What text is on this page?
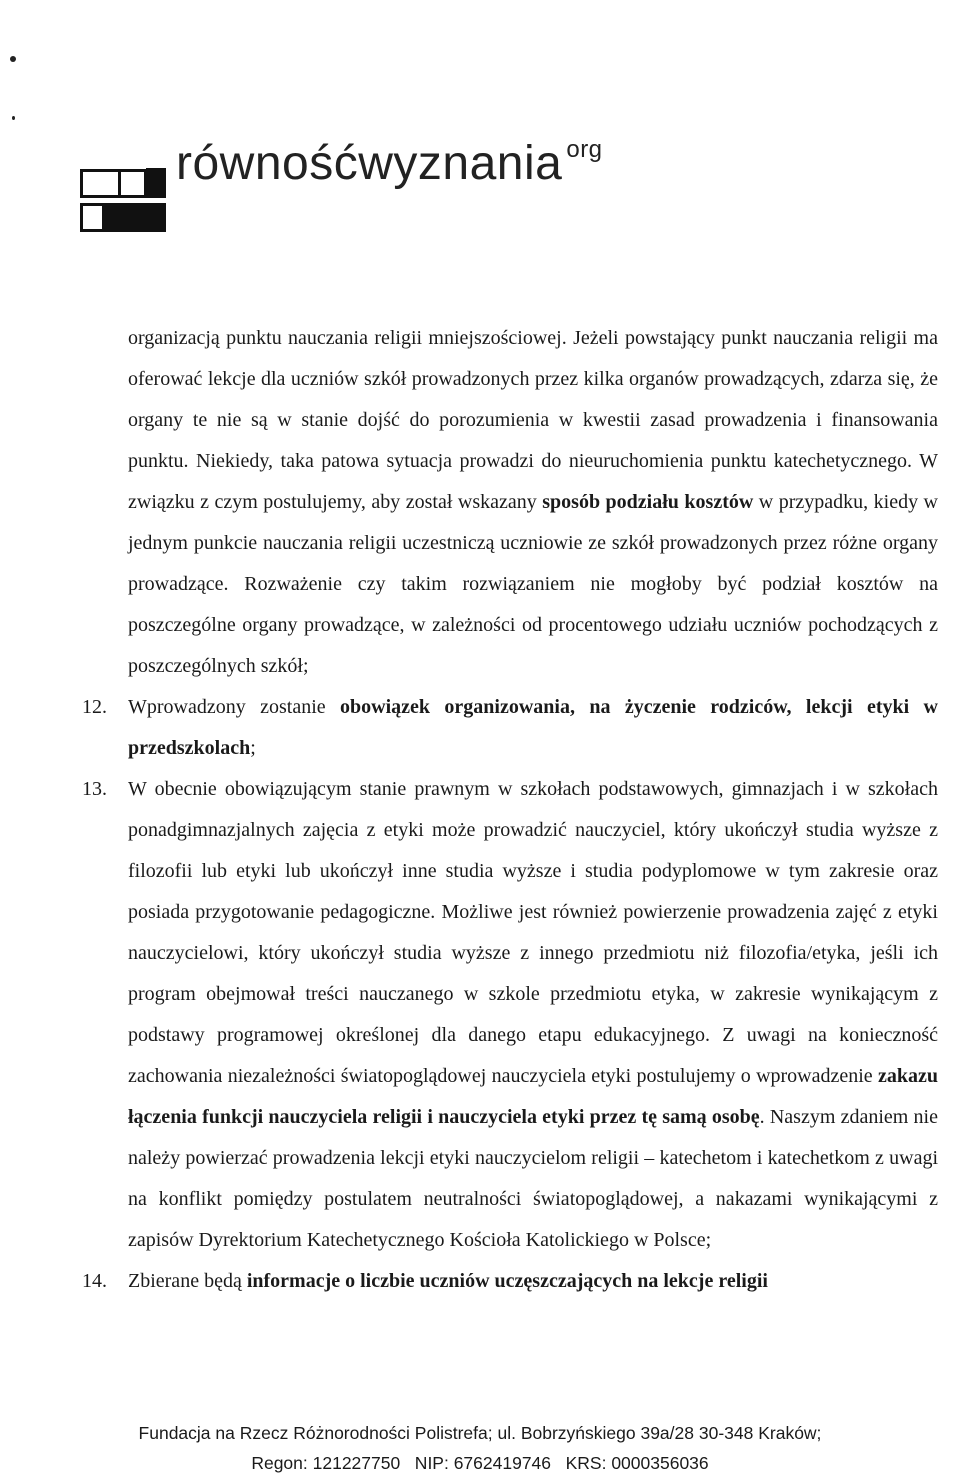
równośćwyznania $^{org}$

organizacją punktu nauczania religii mniejszościowej. Jeżeli powstający punkt nauczania religii ma oferować lekcje dla uczniów szkół prowadzonych przez kilka organów prowadzących, zdarza się, że organy te nie są w stanie dojść do porozumienia w kwestii zasad prowadzenia i finansowania punktu. Niekiedy, taka patowa sytuacja prowadzi do nieuruchomienia punktu katechetycznego. W związku z czym postulujemy, aby został wskazany sposób podziału kosztów w przypadku, kiedy w jednym punkcie nauczania religii uczestniczą uczniowie ze szkół prowadzonych przez różne organy prowadzące. Rozważenie czy takim rozwiązaniem nie mogłoby być podział kosztów na poszczególne organy prowadzące, w zależności od procentowego udziału uczniów pochodzących z poszczególnych szkół;

12. Wprowadzony zostanie obowiązek organizowania, na życzenie rodziców, lekcji etyki w przedszkolach;

13. W obecnie obowiązującym stanie prawnym w szkołach podstawowych, gimnazjach i w szkołach ponadgimnazjalnych zajęcia z etyki może prowadzić nauczyciel, który ukończył studia wyższe z filozofii lub etyki lub ukończył inne studia wyższe i studia podyplomowe w tym zakresie oraz posiada przygotowanie pedagogiczne. Możliwe jest również powierzenie prowadzenia zajęć z etyki nauczycielowi, który ukończył studia wyższe z innego przedmiotu niż filozofia/etyka, jeśli ich program obejmował treści nauczanego w szkole przedmiotu etyka, w zakresie wynikającym z podstawy programowej określonej dla danego etapu edukacyjnego. Z uwagi na konieczność zachowania niezależności światopoglądowej nauczyciela etyki postulujemy o wprowadzenie zakazu łączenia funkcji nauczyciela religii i nauczyciela etyki przez tę samą osobę. Naszym zdaniem nie należy powierzać prowadzenia lekcji etyki nauczycielom religii – katechetom i katechetkom z uwagi na konflikt pomiędzy postulatem neutralności światopoglądowej, a nakazami wynikającymi z zapisów Dyrektorium Katechetycznego Kościoła Katolickiego w Polsce;

14. Zbierane będą informacje o liczbie uczniów uczęszczających na lekcje religii

Fundacja na Rzecz Różnorodności Polistrefa; ul. Bobrzyńskiego 39a/28 30-348 Kraków;
Regon: 121227750   NIP: 6762419746   KRS: 0000356036
